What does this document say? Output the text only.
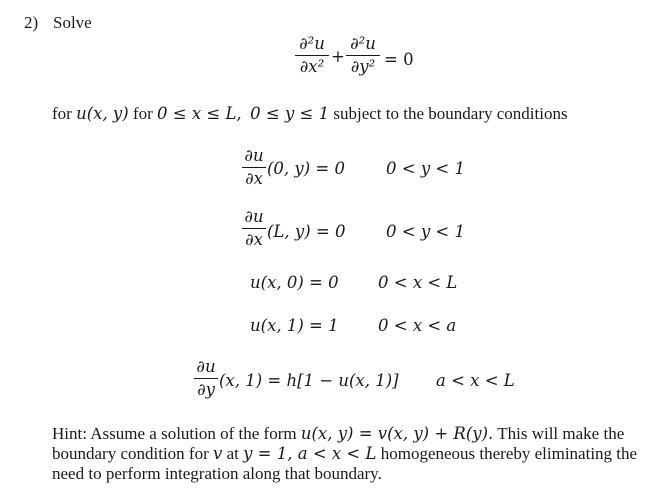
2) Solve
∂²u
∂x² +
∂²u
∂y² = 0
for u(x, y) for 0 ≤ x ≤ L, 0 ≤ y ≤ 1 subject to the boundary conditions
∂u
∂x (0, y) = 0 0 < y < 1
∂u
∂x (L, y) = 0 0 < y < 1
u(x, 0) = 0 0 < x < L
u(x, 1) = 1 0 < x < a
∂u
∂y (x, 1) = h[1 − u(x, 1)] a < x < L
Hint: Assume a solution of the form u(x, y) = v(x, y) + R(y). This will make the boundary condition for v at y = 1, a < x < L homogeneous thereby eliminating the need to perform integration along that boundary.
